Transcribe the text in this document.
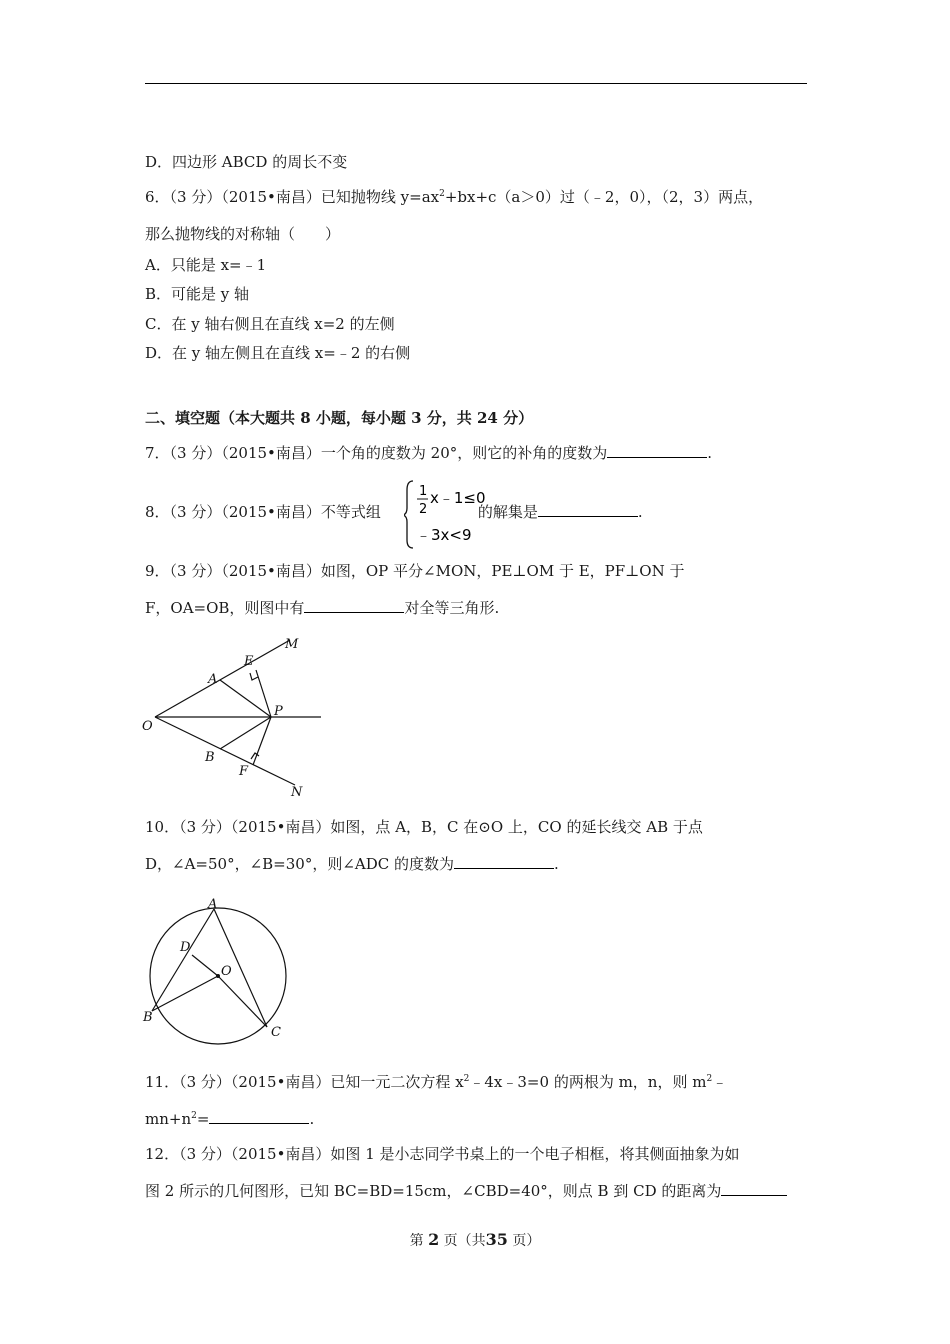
D．四边形 ABCD 的周长不变
6．（3 分）（2015•南昌）已知抛物线 $y=ax^2+bx+c(a>0)$过（﹣2，0），（2，3）两点，
那么抛物线的对称轴（　　）
A．只能是 x=﹣1
B．可能是 y 轴
C．在 y 轴右侧且在直线 x=2 的左侧
D．在 y 轴左侧且在直线 x=﹣2 的右侧
二、填空题（本大题共 8 小题，每小题 3 分，共 24 分）
7．（3 分）（2015•南昌）一个角的度数为 20°，则它的补角的度数为	.
8．（3 分）（2015•南昌）不等式组	的解集是	.
1
2
x﹣1≤0
﹣3x<9
9．（3 分）（2015•南昌）如图，OP 平分∠MON，PE⊥OM 于 E，PF⊥ON 于
F，OA=OB，则图中有	对全等三角形.
M
E
A
O
P
B
F
N
10．（3 分）（2015•南昌）如图，点 A，B，C 在⊙O 上，CO 的延长线交 AB 于点
D，∠A=50°，∠B=30°，则∠ADC 的度数为	.
A
D
O
B
C
11．（3 分）（2015•南昌）已知一元二次方程 $x^2﹣4x﹣3=0$ 的两根为 m，n，则 $m^2﹣$
$mn+n^2=$	.
12．（3 分）（2015•南昌）如图 1 是小志同学书桌上的一个电子相框，将其侧面抽象为如
图 2 所示的几何图形，已知 BC=BD=15cm，∠CBD=40°，则点 B 到 CD 的距离为
第 2 页（共35 页）
